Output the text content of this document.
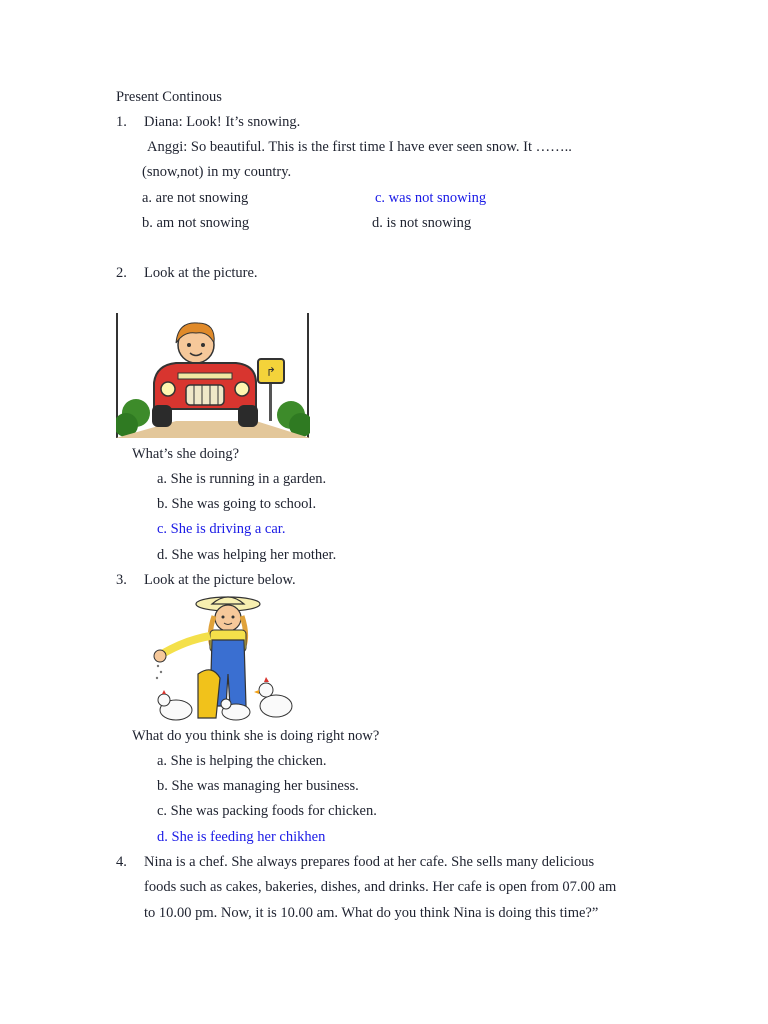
Present Continous
1. Diana: Look! It’s snowing.
Anggi: So beautiful. This is the first time I have ever seen snow. It ……..
(snow,not) in my country.
a. are not snowing	c. was not snowing
b. am not snowing	d. is not snowing
2. Look at the picture.
↱
What’s she doing?
a. She is running in a garden.
b. She was going to school.
c. She is driving a car.
d. She was helping her mother.
3. Look at the picture below.
What do you think she is doing right now?
a. She is helping the chicken.
b. She was managing her business.
c. She was packing foods for chicken.
d. She is feeding her chikhen
4. Nina is a chef. She always prepares food at her cafe. She sells many delicious
foods such as cakes, bakeries, dishes, and drinks. Her cafe is open from 07.00 am
to 10.00 pm. Now, it is 10.00 am. What do you think Nina is doing this time?”
